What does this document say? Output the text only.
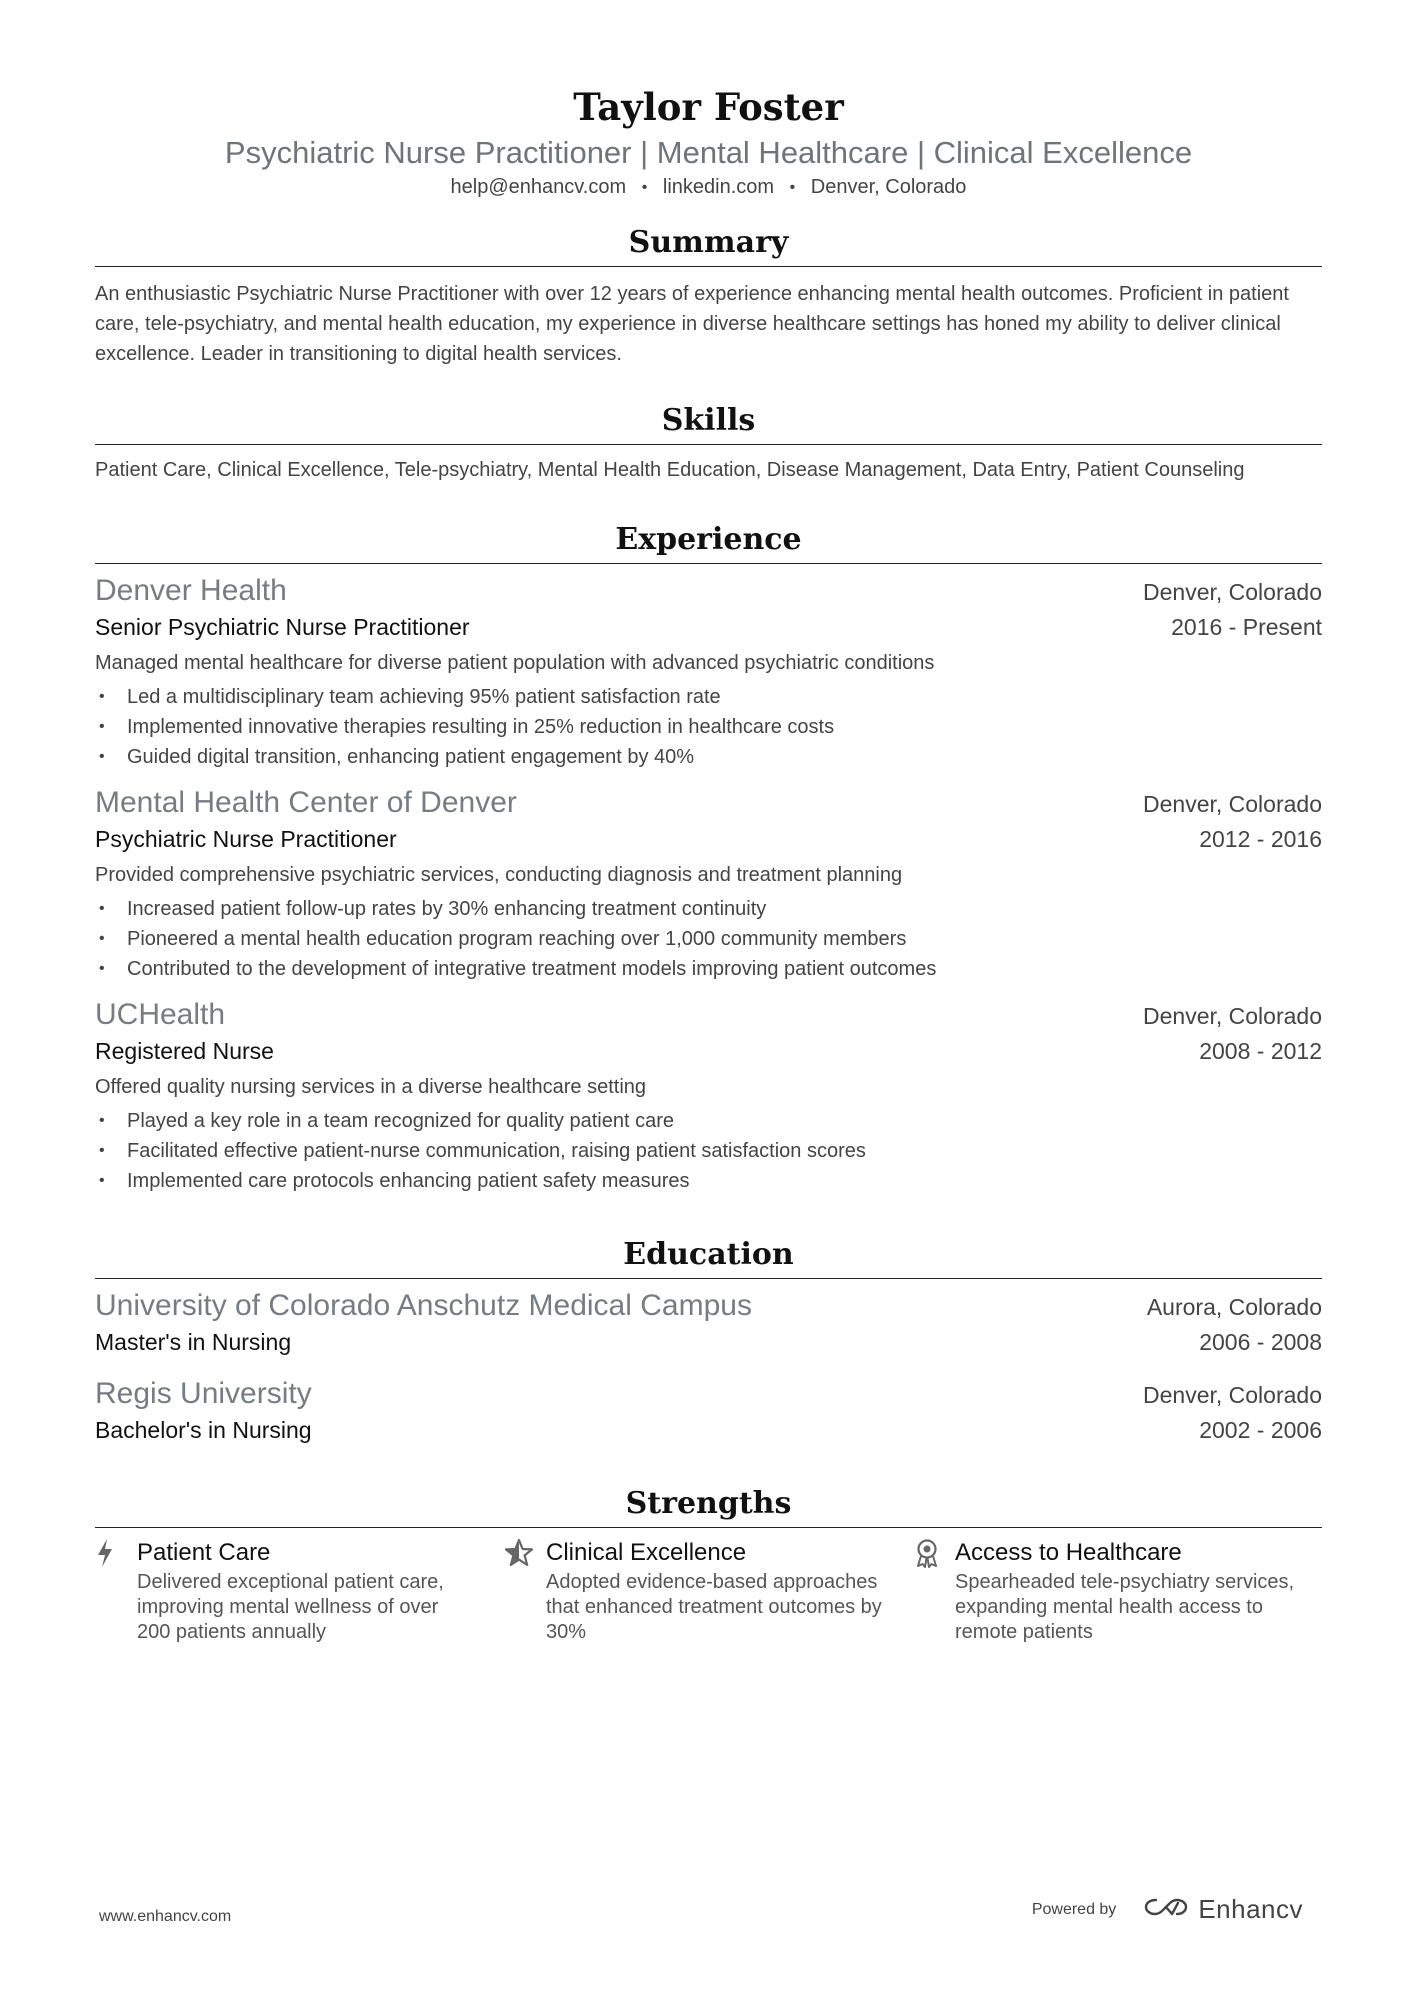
Taylor Foster
Psychiatric Nurse Practitioner | Mental Healthcare | Clinical Excellence
help@enhancv.com • linkedin.com • Denver, Colorado
Summary
An enthusiastic Psychiatric Nurse Practitioner with over 12 years of experience enhancing mental health outcomes. Proficient in patient care, tele-psychiatry, and mental health education, my experience in diverse healthcare settings has honed my ability to deliver clinical excellence. Leader in transitioning to digital health services.
Skills
Patient Care, Clinical Excellence, Tele-psychiatry, Mental Health Education, Disease Management, Data Entry, Patient Counseling
Experience
Denver Health	Denver, Colorado
Senior Psychiatric Nurse Practitioner	2016 - Present
Managed mental healthcare for diverse patient population with advanced psychiatric conditions
• Led a multidisciplinary team achieving 95% patient satisfaction rate
• Implemented innovative therapies resulting in 25% reduction in healthcare costs
• Guided digital transition, enhancing patient engagement by 40%
Mental Health Center of Denver	Denver, Colorado
Psychiatric Nurse Practitioner	2012 - 2016
Provided comprehensive psychiatric services, conducting diagnosis and treatment planning
• Increased patient follow-up rates by 30% enhancing treatment continuity
• Pioneered a mental health education program reaching over 1,000 community members
• Contributed to the development of integrative treatment models improving patient outcomes
UCHealth	Denver, Colorado
Registered Nurse	2008 - 2012
Offered quality nursing services in a diverse healthcare setting
• Played a key role in a team recognized for quality patient care
• Facilitated effective patient-nurse communication, raising patient satisfaction scores
• Implemented care protocols enhancing patient safety measures
Education
University of Colorado Anschutz Medical Campus	Aurora, Colorado
Master's in Nursing	2006 - 2008
Regis University	Denver, Colorado
Bachelor's in Nursing	2002 - 2006
Strengths
Patient Care
Delivered exceptional patient care, improving mental wellness of over 200 patients annually
Clinical Excellence
Adopted evidence-based approaches that enhanced treatment outcomes by 30%
Access to Healthcare
Spearheaded tele-psychiatry services, expanding mental health access to remote patients
www.enhancv.com	Powered by	Enhancv
